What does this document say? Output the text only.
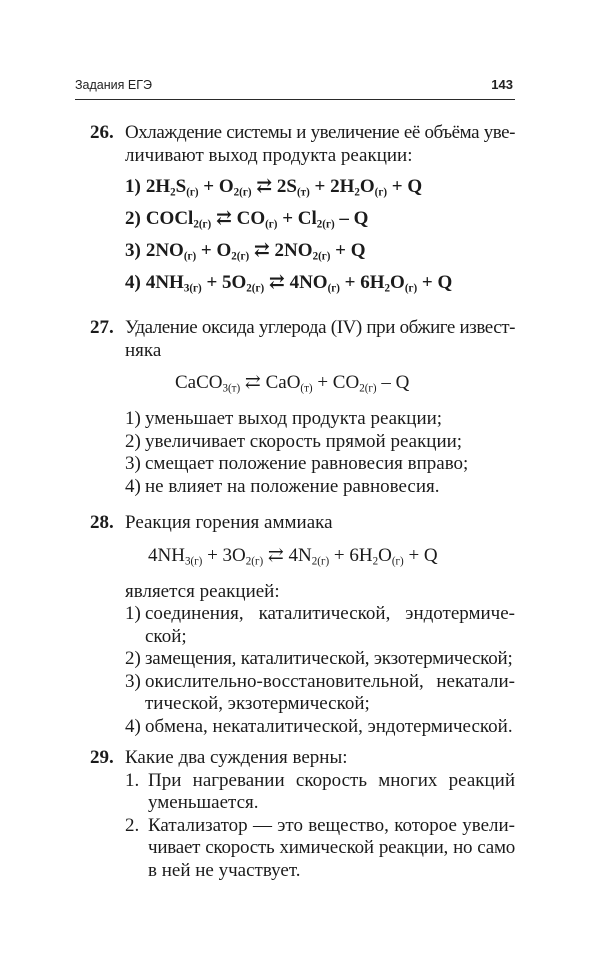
Задания ЕГЭ	143
26. Охлаждение системы и увеличение её объёма уве-
личивают выход продукта реакции:
1) $2H_2S_{(г)} + O_{2(г)}$ ⇄ $2S_{(т)} + 2H_2O_{(г)} + Q$
2) COCl$_{2(г)}$ ⇄ $CO_{(г)} + Cl_{2(г)} - Q$
3) $2NO_{(г)} + O_{2(г)}$ ⇄ $2NO_{2(г)} + Q$
4) $4NH_{3(г)} + 5O_{2(г)}$ ⇄ $4NO_{(г)} + 6H_2O_{(г)} + Q$
27. Удаление оксида углерода (IV) при обжиге извест-
няка
CaCO$_{3(т)}$ ⇄ $CaO_{(т)} + CO_{2(г)} - Q$
1) уменьшает выход продукта реакции;
2) увеличивает скорость прямой реакции;
3) смещает положение равновесия вправо;
4) не влияет на положение равновесия.
28. Реакция горения аммиака
$4NH_{3(г)} + 3O_{2(г)}$ ⇄ $4N_{2(г)} + 6H_2O_{(г)} + Q$
является реакцией:
1) соединения, каталитической, эндотермиче-
ской;
2) замещения, каталитической, экзотермической;
3) окислительно-восстановительной, некатали-
тической, экзотермической;
4) обмена, некаталитической, эндотермической.
29. Какие два суждения верны:
1. При нагревании скорость многих реакций
уменьшается.
2. Катализатор — это вещество, которое увели-
чивает скорость химической реакции, но само
в ней не участвует.
